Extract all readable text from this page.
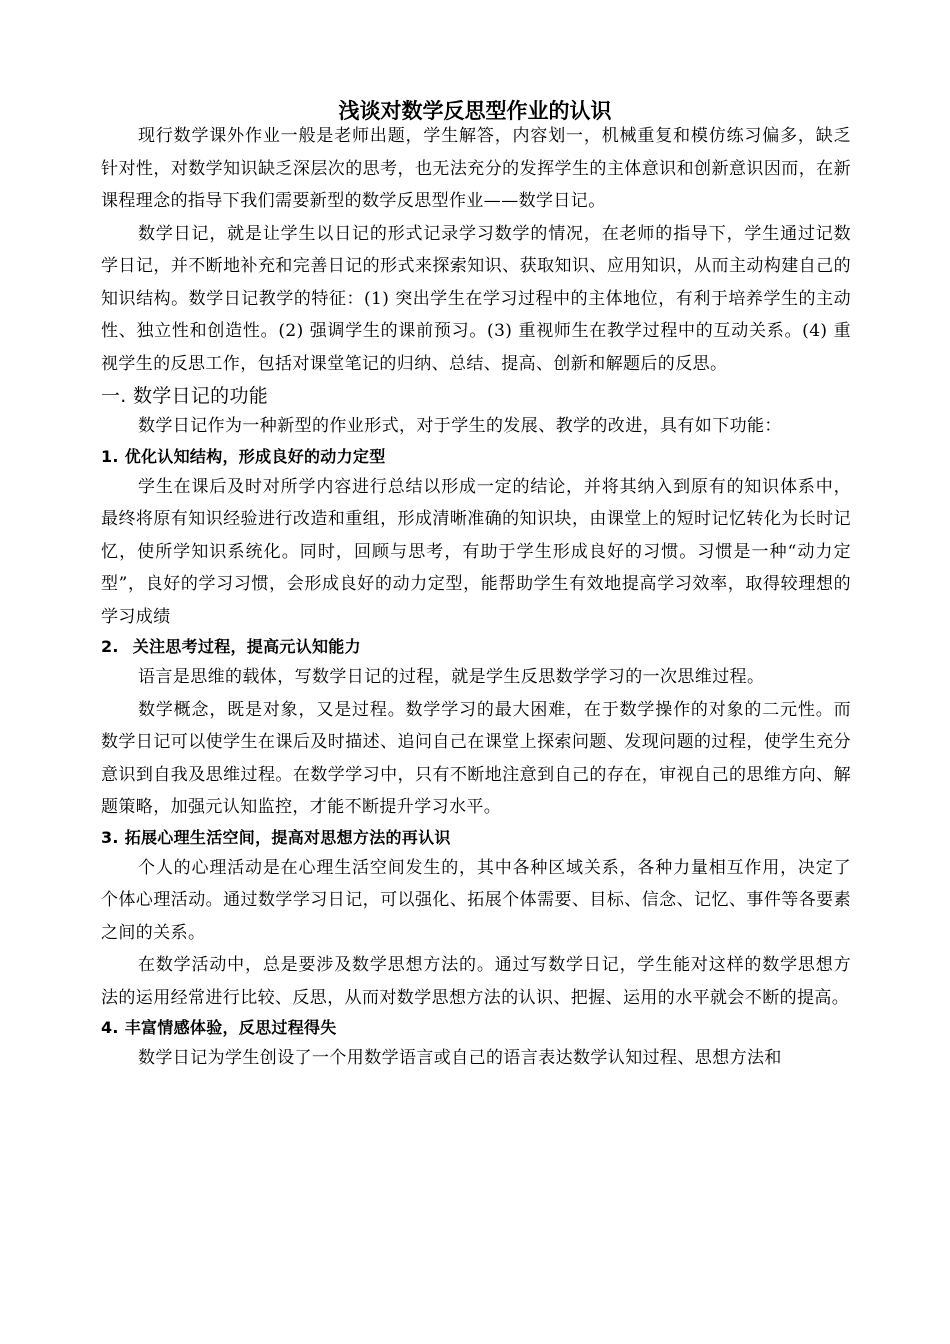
浅谈对数学反思型作业的认识

现行数学课外作业一般是老师出题，学生解答，内容划一，机械重复和模仿练习偏多，缺乏针对性，对数学知识缺乏深层次的思考，也无法充分的发挥学生的主体意识和创新意识因而，在新课程理念的指导下我们需要新型的数学反思型作业——数学日记。

数学日记，就是让学生以日记的形式记录学习数学的情况，在老师的指导下，学生通过记数学日记，并不断地补充和完善日记的形式来探索知识、获取知识、应用知识，从而主动构建自己的知识结构。数学日记教学的特征：(1) 突出学生在学习过程中的主体地位，有利于培养学生的主动性、独立性和创造性。(2) 强调学生的课前预习。(3) 重视师生在教学过程中的互动关系。(4) 重视学生的反思工作，包括对课堂笔记的归纳、总结、提高、创新和解题后的反思。

一. 数学日记的功能

数学日记作为一种新型的作业形式，对于学生的发展、教学的改进，具有如下功能：

1. 优化认知结构，形成良好的动力定型

学生在课后及时对所学内容进行总结以形成一定的结论，并将其纳入到原有的知识体系中，最终将原有知识经验进行改造和重组，形成清晰准确的知识块，由课堂上的短时记忆转化为长时记忆，使所学知识系统化。同时，回顾与思考，有助于学生形成良好的习惯。习惯是一种“动力定型”，良好的学习习惯，会形成良好的动力定型，能帮助学生有效地提高学习效率，取得较理想的学习成绩

2. 关注思考过程，提高元认知能力

语言是思维的载体，写数学日记的过程，就是学生反思数学学习的一次思维过程。

数学概念，既是对象，又是过程。数学学习的最大困难，在于数学操作的对象的二元性。而数学日记可以使学生在课后及时描述、追问自己在课堂上探索问题、发现问题的过程，使学生充分意识到自我及思维过程。在数学学习中，只有不断地注意到自己的存在，审视自己的思维方向、解题策略，加强元认知监控，才能不断提升学习水平。

3. 拓展心理生活空间，提高对思想方法的再认识

个人的心理活动是在心理生活空间发生的，其中各种区域关系，各种力量相互作用，决定了个体心理活动。通过数学学习日记，可以强化、拓展个体需要、目标、信念、记忆、事件等各要素之间的关系。

在数学活动中，总是要涉及数学思想方法的。通过写数学日记，学生能对这样的数学思想方法的运用经常进行比较、反思，从而对数学思想方法的认识、把握、运用的水平就会不断的提高。

4. 丰富情感体验，反思过程得失

数学日记为学生创设了一个用数学语言或自己的语言表达数学认知过程、思想方法和
